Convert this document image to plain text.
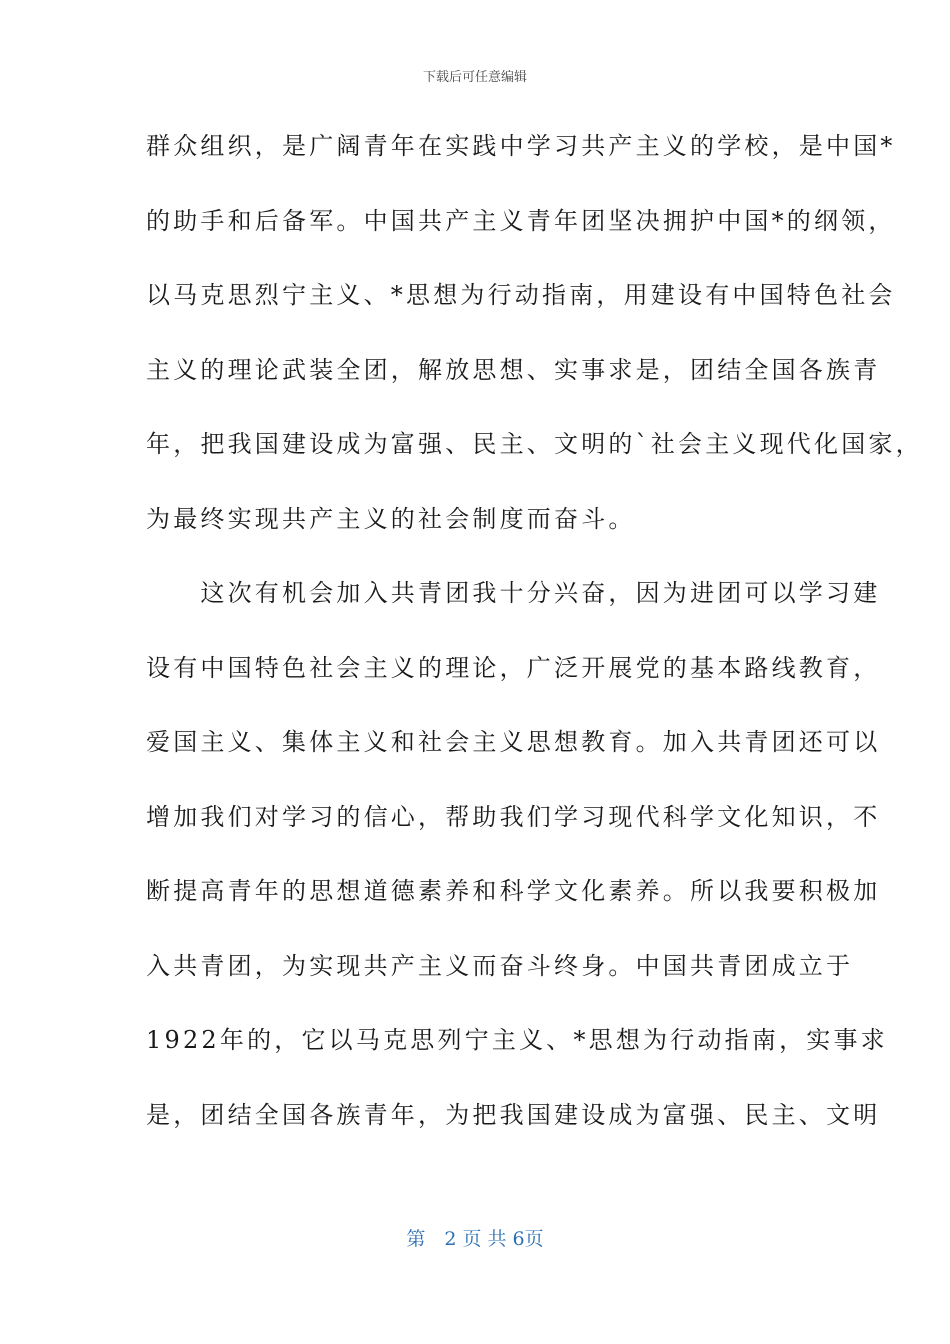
下载后可任意编辑
群众组织，是广阔青年在实践中学习共产主义的学校，是中国*
的助手和后备军。中国共产主义青年团坚决拥护中国*的纲领，
以马克思烈宁主义、*思想为行动指南，用建设有中国特色社会
主义的理论武装全团，解放思想、实事求是，团结全国各族青
年，把我国建设成为富强、民主、文明的`社会主义现代化国家，
为最终实现共产主义的社会制度而奋斗。
　　这次有机会加入共青团我十分兴奋，因为进团可以学习建
设有中国特色社会主义的理论，广泛开展党的基本路线教育，
爱国主义、集体主义和社会主义思想教育。加入共青团还可以
增加我们对学习的信心，帮助我们学习现代科学文化知识，不
断提高青年的思想道德素养和科学文化素养。所以我要积极加
入共青团，为实现共产主义而奋斗终身。中国共青团成立于
1922年的，它以马克思列宁主义、*思想为行动指南，实事求
是，团结全国各族青年，为把我国建设成为富强、民主、文明
第　2 页 共 6页
